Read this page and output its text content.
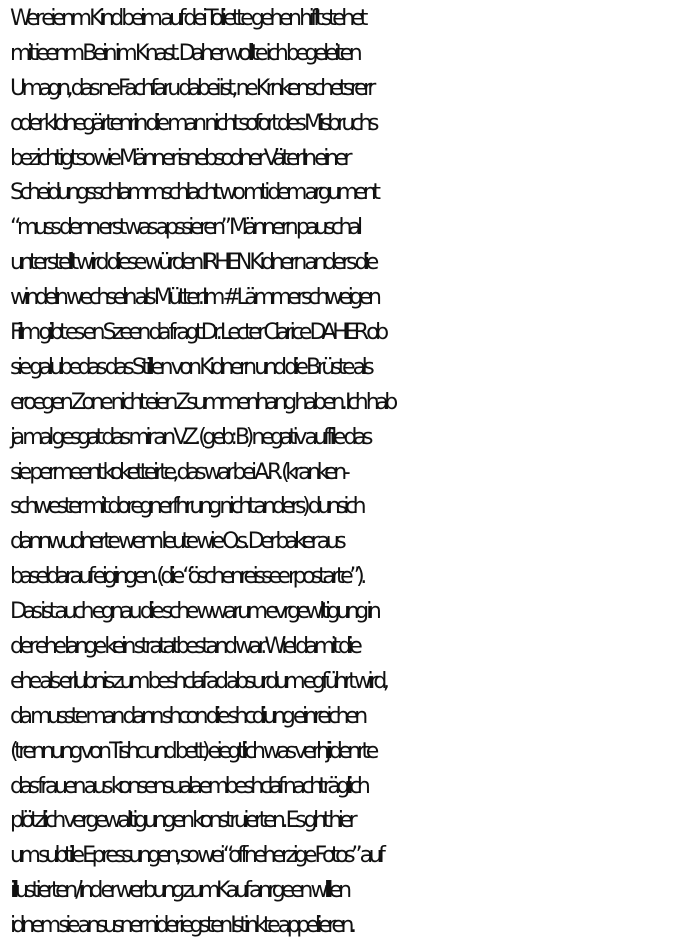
Wer eienm Kind beim auf dei Toliette gehen hiflt stehet
mit ieenm Bein im Knast. Daher wollte ich begeleiten
Umagn, das ne Fachfaru dabei ist, ne Krnkenschetsrerr
oder kIdnegärtenrin die man nicht sofort des Misbruchs
bezichtigt so wie Männer isnebsodner Väter In einer
Scheidungsschlammschlacht wo mti dem argument
“muss denn erst was apssieren” Männern pauschal
unterstellt wird diese würden IRHEN Kidnern anders die
windeln wechseln als Mütter. Im #Lämmerschweigen
Film gibt es en Szeen da fragt Dr. Lecter Clarice DAHER ob
sie galubedas das Stillen von Kidnern und die Brüste als
eroegen Zone nicht eien Zsummenhang haben. Ich hab
ja mal gesgat das mir an V.Z. (geb: B) negativ auffile das
sie permeent koketteirte, das war bei A.R. (kranken-
schwester mit doregnerfhrung nicht anders) dunsich
dannwudnerte wenn leute wie O.s. Der baker aus
baseldarauf eigingen. (die “öschenreissee rpostarte”).
Das ist auch egnau die sche wwarum evrgewltigung in
der ehe lange kein stratatbestand war. Wiel damit die
ehe als erlubnis zum beshclaf ad absurdum egführt wird,
da musste man dann shcon die shcdiung einreichen
(trennung von Tishc und bett) eiegtlich was verhjidenrte
das frauen aus konsensualaembeshclaf nachträglich
plötzlich vergewaltigungen konstruierten. Es ght hier
um subtile Epressungen, so wei “offneherzige Fotos” auf
illustierten /ind er werbung zumKauf anrgeen wlllen
idnem sie ansusner nideriegsten Istinkte appelieren.
